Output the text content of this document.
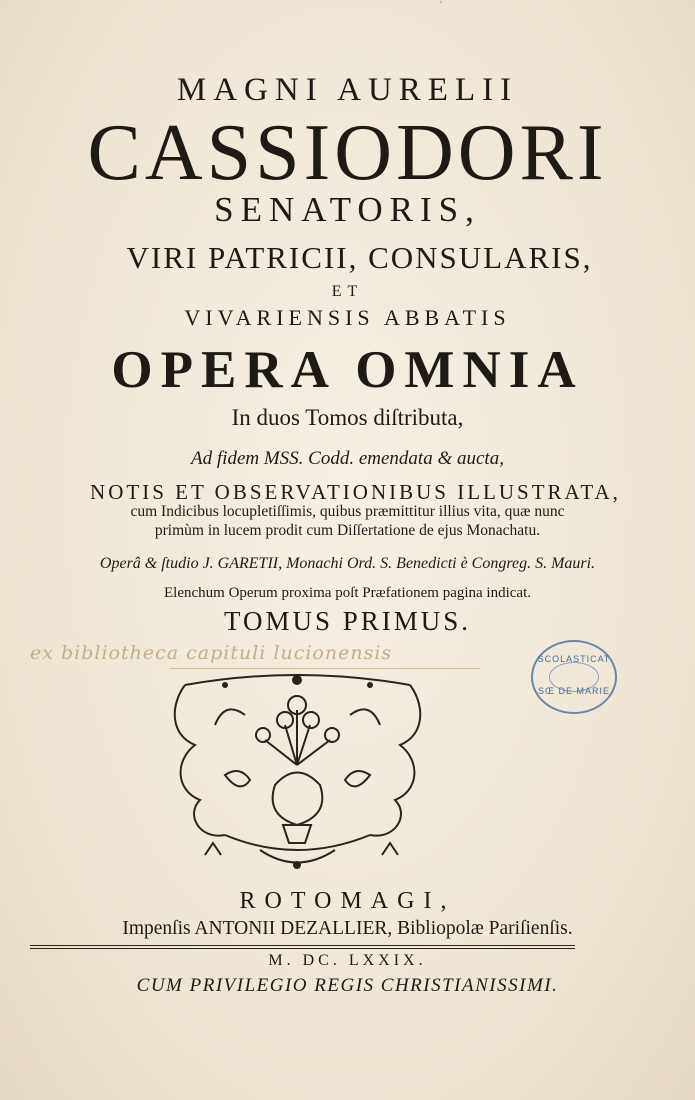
'
MAGNI AURELII
CASSIODORI
SENATORIS,
VIRI PATRICII, CONSULARIS,
ET
VIVARIENSIS ABBATIS
OPERA OMNIA
In duos Tomos diſtributa,
Ad fidem MSS. Codd. emendata & aucta,
NOTIS ET OBSERVATIONIBUS ILLUSTRATA,
cum Indicibus locupletiſſimis, quibus præmittitur illius vita, quæ nunc
primùm in lucem prodit cum Diſſertatione de ejus Monachatu.
Operâ & ſtudio J. GARETII, Monachi Ord. S. Benedicti è Congreg. S. Mauri.
Elenchum Operum proxima poſt Præfationem pagina indicat.
TOMUS PRIMUS.
ex bibliotheca capituli lucionensis	SCOLASTICAT
SŒ DE MARIE
ROTOMAGI,
Impenſis ANTONII DEZALLIER, Bibliopolæ Pariſienſis.
M. DC. LXXIX.
CUM PRIVILEGIO REGIS CHRISTIANISSIMI.
